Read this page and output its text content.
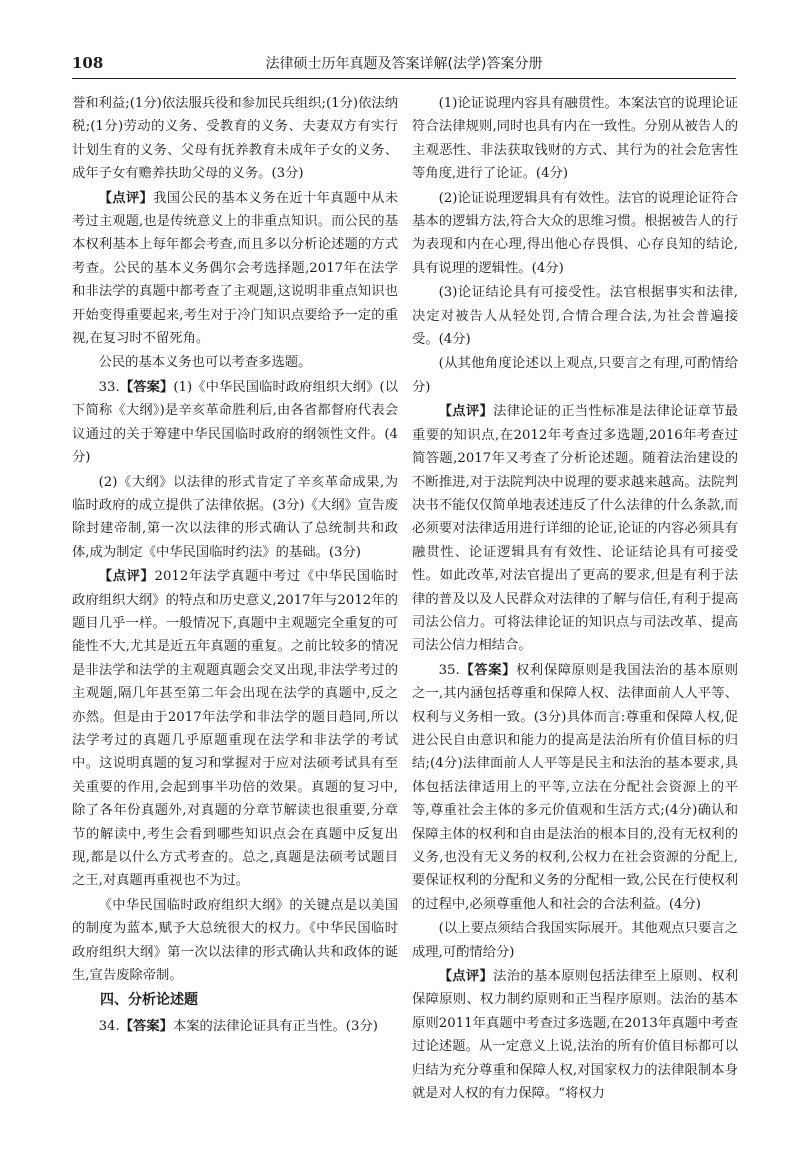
108	法律硕士历年真题及答案详解(法学)答案分册

誉和利益;(1分)依法服兵役和参加民兵组织;(1分)依法纳税;(1分)劳动的义务、受教育的义务、夫妻双方有实行计划生育的义务、父母有抚养教育未成年子女的义务、成年子女有赡养扶助父母的义务。(3分)

【点评】我国公民的基本义务在近十年真题中从未考过主观题,也是传统意义上的非重点知识。而公民的基本权利基本上每年都会考查,而且多以分析论述题的方式考查。公民的基本义务偶尔会考选择题,2017年在法学和非法学的真题中都考查了主观题,这说明非重点知识也开始变得重要起来,考生对于冷门知识点要给予一定的重视,在复习时不留死角。

公民的基本义务也可以考查多选题。

33.【答案】(1)《中华民国临时政府组织大纲》(以下简称《大纲》)是辛亥革命胜利后,由各省都督府代表会议通过的关于筹建中华民国临时政府的纲领性文件。(4分)

(2)《大纲》以法律的形式肯定了辛亥革命成果,为临时政府的成立提供了法律依据。(3分)《大纲》宣告废除封建帝制,第一次以法律的形式确认了总统制共和政体,成为制定《中华民国临时约法》的基础。(3分)

【点评】2012年法学真题中考过《中华民国临时政府组织大纲》的特点和历史意义,2017年与2012年的题目几乎一样。一般情况下,真题中主观题完全重复的可能性不大,尤其是近五年真题的重复。之前比较多的情况是非法学和法学的主观题真题会交叉出现,非法学考过的主观题,隔几年甚至第二年会出现在法学的真题中,反之亦然。但是由于2017年法学和非法学的题目趋同,所以法学考过的真题几乎原题重现在法学和非法学的考试中。这说明真题的复习和掌握对于应对法硕考试具有至关重要的作用,会起到事半功倍的效果。真题的复习中,除了各年份真题外,对真题的分章节解读也很重要,分章节的解读中,考生会看到哪些知识点会在真题中反复出现,都是以什么方式考查的。总之,真题是法硕考试题目之王,对真题再重视也不为过。

《中华民国临时政府组织大纲》的关键点是以美国的制度为蓝本,赋予大总统很大的权力。《中华民国临时政府组织大纲》第一次以法律的形式确认共和政体的诞生,宣告废除帝制。

四、分析论述题

34.【答案】本案的法律论证具有正当性。(3分)

(1)论证说理内容具有融贯性。本案法官的说理论证符合法律规则,同时也具有内在一致性。分别从被告人的主观恶性、非法获取钱财的方式、其行为的社会危害性等角度,进行了论证。(4分)

(2)论证说理逻辑具有有效性。法官的说理论证符合基本的逻辑方法,符合大众的思维习惯。根据被告人的行为表现和内在心理,得出他心存畏惧、心存良知的结论,具有说理的逻辑性。(4分)

(3)论证结论具有可接受性。法官根据事实和法律,决定对被告人从轻处罚,合情合理合法,为社会普遍接受。(4分)

(从其他角度论述以上观点,只要言之有理,可酌情给分)

【点评】法律论证的正当性标准是法律论证章节最重要的知识点,在2012年考查过多选题,2016年考查过简答题,2017年又考查了分析论述题。随着法治建设的不断推进,对于法院判决中说理的要求越来越高。法院判决书不能仅仅简单地表述违反了什么法律的什么条款,而必须要对法律适用进行详细的论证,论证的内容必须具有融贯性、论证逻辑具有有效性、论证结论具有可接受性。如此改革,对法官提出了更高的要求,但是有利于法律的普及以及人民群众对法律的了解与信任,有利于提高司法公信力。可将法律论证的知识点与司法改革、提高司法公信力相结合。

35.【答案】权利保障原则是我国法治的基本原则之一,其内涵包括尊重和保障人权、法律面前人人平等、权利与义务相一致。(3分)具体而言:尊重和保障人权,促进公民自由意识和能力的提高是法治所有价值目标的归结;(4分)法律面前人人平等是民主和法治的基本要求,具体包括法律适用上的平等,立法在分配社会资源上的平等,尊重社会主体的多元价值观和生活方式;(4分)确认和保障主体的权利和自由是法治的根本目的,没有无权利的义务,也没有无义务的权利,公权力在社会资源的分配上,要保证权利的分配和义务的分配相一致,公民在行使权利的过程中,必须尊重他人和社会的合法利益。(4分)

(以上要点须结合我国实际展开。其他观点只要言之成理,可酌情给分)

【点评】法治的基本原则包括法律至上原则、权利保障原则、权力制约原则和正当程序原则。法治的基本原则2011年真题中考查过多选题,在2013年真题中考查过论述题。从一定意义上说,法治的所有价值目标都可以归结为充分尊重和保障人权,对国家权力的法律限制本身就是对人权的有力保障。“将权力
